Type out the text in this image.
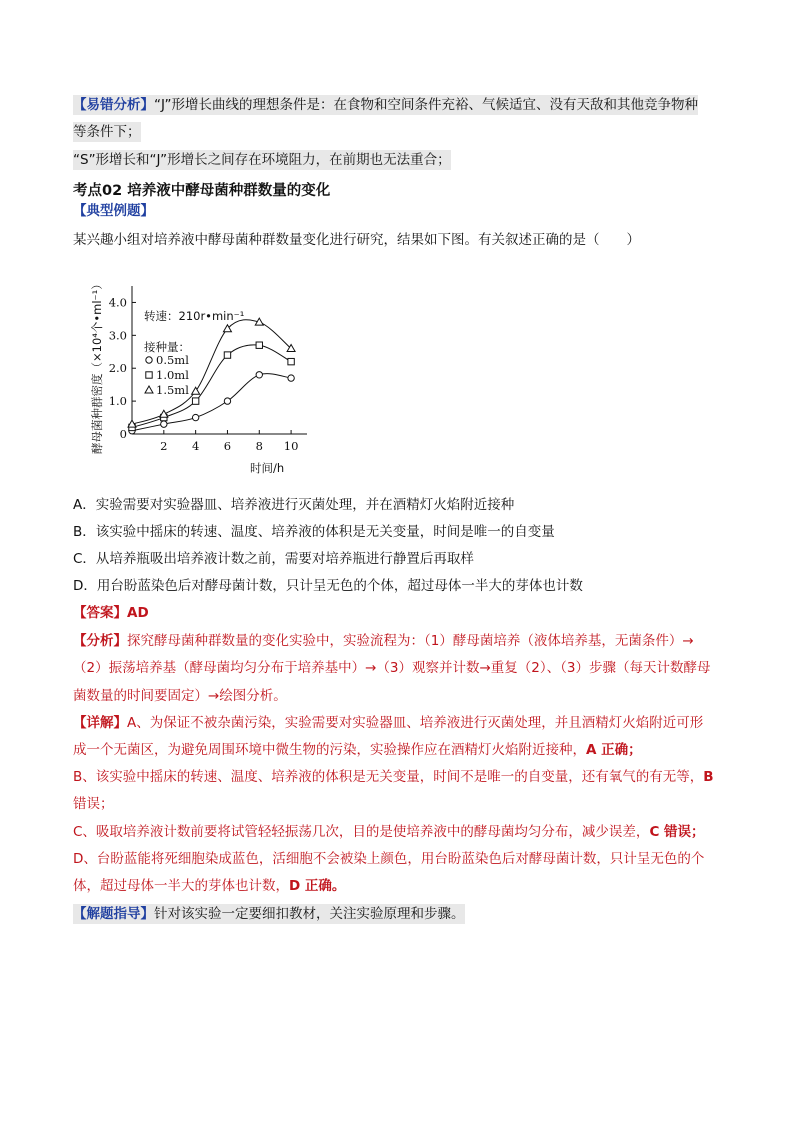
【易错分析】“J”形增长曲线的理想条件是：在食物和空间条件充裕、气候适宜、没有天敌和其他竞争物种
等条件下；
“S”形增长和“J”形增长之间存在环境阻力，在前期也无法重合；
考点02 培养液中酵母菌种群数量的变化
【典型例题】
某兴趣小组对培养液中酵母菌种群数量变化进行研究，结果如下图。有关叙述正确的是（　　）
2 4 6 8 10
0
1.0
2.0
3.0
4.0
转速：210r•min⁻¹
接种量：
0.5ml
1.0ml
1.5ml
酵母菌种群密度（×10⁴个•ml⁻¹）
时间/h
A．实验需要对实验器皿、培养液进行灭菌处理，并在酒精灯火焰附近接种
B．该实验中摇床的转速、温度、培养液的体积是无关变量，时间是唯一的自变量
C．从培养瓶吸出培养液计数之前，需要对培养瓶进行静置后再取样
D．用台盼蓝染色后对酵母菌计数，只计呈无色的个体，超过母体一半大的芽体也计数
【答案】AD
【分析】探究酵母菌种群数量的变化实验中，实验流程为：（1）酵母菌培养（液体培养基，无菌条件）→
（2）振荡培养基（酵母菌均匀分布于培养基中）→（3）观察并计数→重复（2）、（3）步骤（每天计数酵母
菌数量的时间要固定）→绘图分析。
【详解】A、为保证不被杂菌污染，实验需要对实验器皿、培养液进行灭菌处理，并且酒精灯火焰附近可形
成一个无菌区，为避免周围环境中微生物的污染，实验操作应在酒精灯火焰附近接种，A 正确；
B、该实验中摇床的转速、温度、培养液的体积是无关变量，时间不是唯一的自变量，还有氧气的有无等，B
错误；
C、吸取培养液计数前要将试管轻轻振荡几次，目的是使培养液中的酵母菌均匀分布，减少误差，C 错误；
D、台盼蓝能将死细胞染成蓝色，活细胞不会被染上颜色，用台盼蓝染色后对酵母菌计数，只计呈无色的个
体，超过母体一半大的芽体也计数，D 正确。
【解题指导】针对该实验一定要细扣教材，关注实验原理和步骤。
